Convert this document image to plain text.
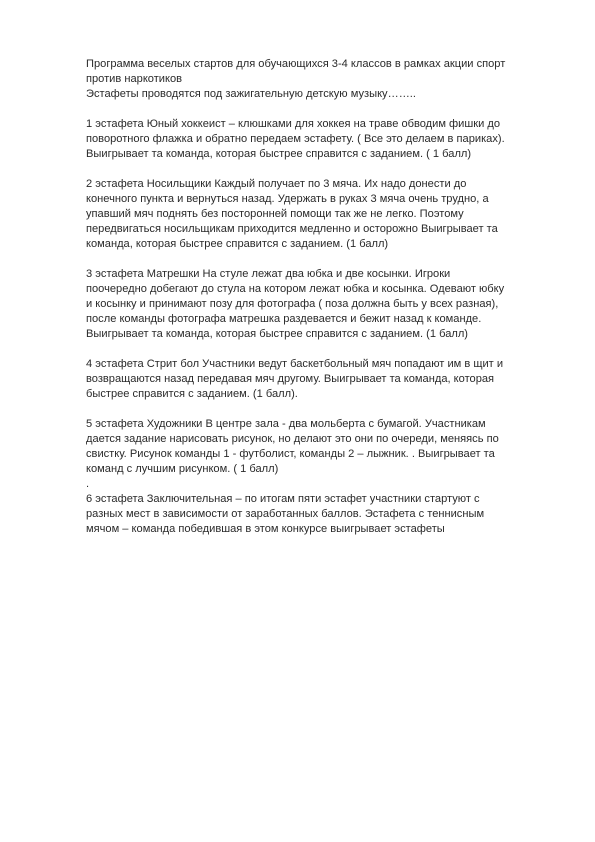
Программа веселых стартов для обучающихся 3-4 классов в рамках акции спорт
против наркотиков

Эстафеты проводятся под зажигательную детскую музыку……..

1 эстафета Юный хоккеист – клюшками для хоккея на траве обводим фишки до
поворотного флажка и обратно передаем эстафету. ( Все это делаем в париках).
Выигрывает та команда, которая быстрее справится с заданием. ( 1 балл)

2 эстафета Носильщики Каждый получает по 3 мяча. Их надо донести до
конечного пункта и вернуться назад. Удержать в руках 3 мяча очень трудно, а
упавший мяч поднять без посторонней помощи так же не легко. Поэтому
передвигаться носильщикам приходится медленно и осторожно Выигрывает та
команда, которая быстрее справится с заданием. (1 балл)

3 эстафета Матрешки На стуле лежат два юбка и две косынки. Игроки
поочередно добегают до стула на котором лежат юбка и косынка. Одевают юбку
и косынку и принимают позу для фотографа ( поза должна быть у всех разная),
после команды фотографа матрешка раздевается и бежит назад к команде.
Выигрывает та команда, которая быстрее справится с заданием. (1 балл)

4 эстафета Стрит бол Участники ведут баскетбольный мяч попадают им в щит и
возвращаются назад передавая мяч другому. Выигрывает та команда, которая
быстрее справится с заданием. (1 балл).

5 эстафета Художники В центре зала - два мольберта с бумагой. Участникам
дается задание нарисовать рисунок, но делают это они по очереди, меняясь по
свистку. Рисунок команды 1 - футболист, команды 2 – лыжник. . Выигрывает та
команд с лучшим рисунком. ( 1 балл)

.

6 эстафета Заключительная – по итогам пяти эстафет участники стартуют с
разных мест в зависимости от заработанных баллов. Эстафета с теннисным
мячом – команда победившая в этом конкурсе выигрывает эстафеты
